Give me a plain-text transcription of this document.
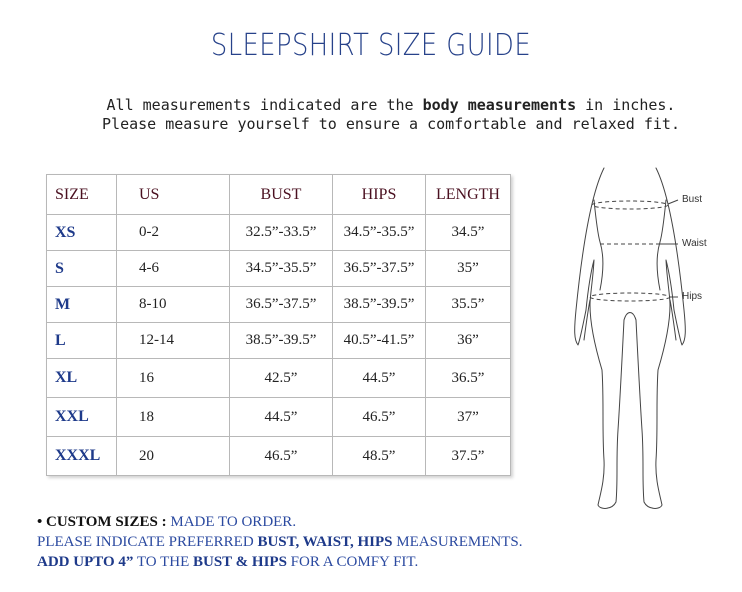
SLEEPSHIRT SIZE GUIDE
All measurements indicated are the body measurements in inches.
Please measure yourself to ensure a comfortable and relaxed fit.
SIZE	US	BUST	HIPS	LENGTH
XS	0-2	32.5”-33.5”	34.5”-35.5”	34.5”
S	4-6	34.5”-35.5”	36.5”-37.5”	35”
M	8-10	36.5”-37.5”	38.5”-39.5”	35.5”
L	12-14	38.5”-39.5”	40.5”-41.5”	36”
XL	16	42.5”	44.5”	36.5”
XXL	18	44.5”	46.5”	37”
XXXL	20	46.5”	48.5”	37.5”
Bust
Waist
Hips
• CUSTOM SIZES : MADE TO ORDER.
PLEASE INDICATE PREFERRED BUST, WAIST, HIPS MEASUREMENTS.
ADD UPTO 4” TO THE BUST & HIPS FOR A COMFY FIT.
